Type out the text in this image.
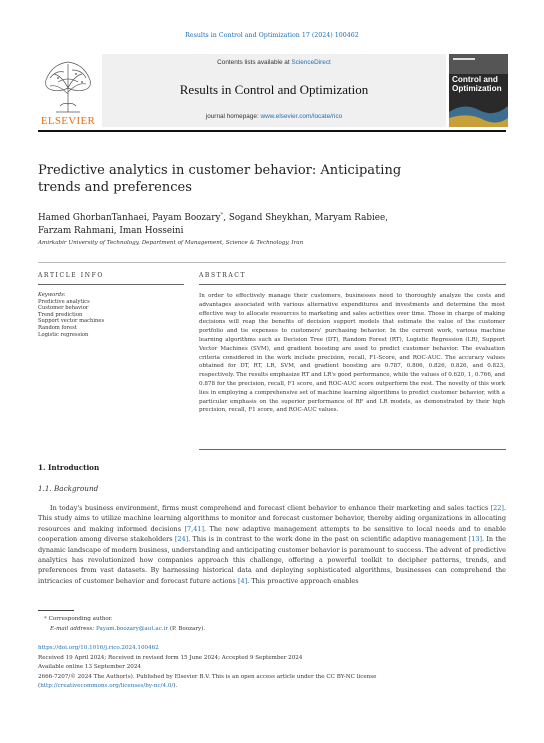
Results in Control and Optimization 17 (2024) 100462
ELSEVIER
Contents lists available at ScienceDirect
Results in Control and Optimization
journal homepage: www.elsevier.com/locate/rico
Control and Optimization
Predictive analytics in customer behavior: Anticipating trends and preferences
Hamed GhorbanTanhaei, Payam Boozary*, Sogand Sheykhan, Maryam Rabiee,
Farzam Rahmani, Iman Hosseini
Amirkabir University of Technology, Department of Management, Science & Technology, Iran
ARTICLE INFO	ABSTRACT
Keywords:
Predictive analytics
Customer behavior
Trend prediction
Support vector machines
Random forest
Logistic regression
In order to effectively manage their customers, businesses need to thoroughly analyze the costs and advantages associated with various alternative expenditures and investments and determine the most effective way to allocate resources to marketing and sales activities over time. Those in charge of making decisions will reap the benefits of decision support models that estimate the value of the customer portfolio and tie expenses to customers' purchasing behavior. In the current work, various machine learning algorithms such as Decision Tree (DT), Random Forest (RT), Logistic Regression (LR), Support Vector Machines (SVM), and gradient boosting are used to predict customer behavior. The evaluation criteria considered in the work include precision, recall, F1-Score, and ROC-AUC. The accuracy values obtained for DT, RT, LR, SVM, and gradient boosting are 0.787, 0.806, 0.826, 0.826, and 0.823, respectively. The results emphasize RT and LR's good performance, while the values of 0.620, 1, 0.766, and 0.878 for the precision, recall, F1 score, and ROC-AUC score outperform the rest. The novelty of this work lies in employing a comprehensive set of machine learning algorithms to predict customer behavior, with a particular emphasis on the superior performance of RF and LR models, as demonstrated by their high precision, recall, F1 score, and ROC-AUC values.
1. Introduction
1.1. Background
In today's business environment, firms must comprehend and forecast client behavior to enhance their marketing and sales tactics [22]. This study aims to utilize machine learning algorithms to monitor and forecast customer behavior, thereby aiding organizations in allocating resources and making informed decisions [7,41]. The new adaptive management attempts to be sensitive to local needs and to enable cooperation among diverse stakeholders [24]. This is in contrast to the work done in the past on scientific adaptive management [13]. In the dynamic landscape of modern business, understanding and anticipating customer behavior is paramount to success. The advent of predictive analytics has revolutionized how companies approach this challenge, offering a powerful toolkit to decipher patterns, trends, and preferences from vast datasets. By harnessing historical data and deploying sophisticated algorithms, businesses can comprehend the intricacies of customer behavior and forecast future actions [4]. This proactive approach enables
* Corresponding author.
E-mail address: Payam.boozary@aut.ac.ir (P. Boozary).
https://doi.org/10.1016/j.rico.2024.100462
Received 19 April 2024; Received in revised form 15 June 2024; Accepted 9 September 2024
Available online 13 September 2024
2666-7207/© 2024 The Author(s). Published by Elsevier B.V. This is an open access article under the CC BY-NC license
(http://creativecommons.org/licenses/by-nc/4.0/).
